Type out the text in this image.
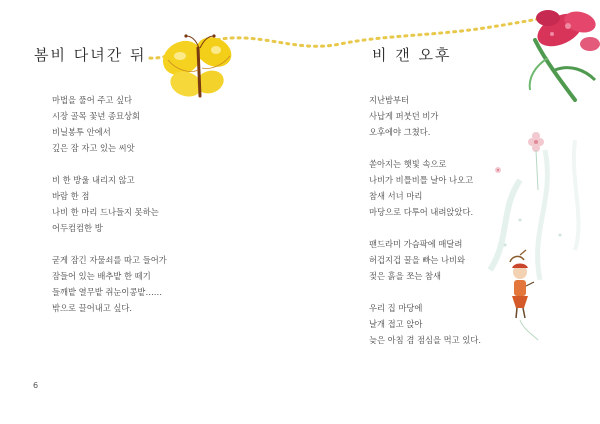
봄비 다녀간 뒤	비 갠 오후
마법을 풀어 주고 싶다
시장 골목 꽃년 종묘상회
비닐봉투 안에서
깊은 잠 자고 있는 씨앗
비 한 방울 내리지 않고
바람 한 점
나비 한 마리 드나들지 못하는
어두컴컴한 방
굳게 잠긴 자물쇠를 따고 들어가
잠들어 있는 배추밭 한 떼기
들깨밭 열무밭 쥐눈이콩밭……
밖으로 끌어내고 싶다.
지난밤부터
사납게 퍼붓던 비가
오후에야 그쳤다.
쏟아지는 햇빛 속으로
나비가 비틀비틀 날아 나오고
참새 서너 마리
마당으로 다투어 내려앉았다.
팬드라미 가슴팍에 매달려
허겁지겁 꿀을 빠는 나비와
젖은 흙을 쪼는 참새
우리 집 마당에
날개 접고 앉아
늦은 아침 겸 점심을 먹고 있다.
6
